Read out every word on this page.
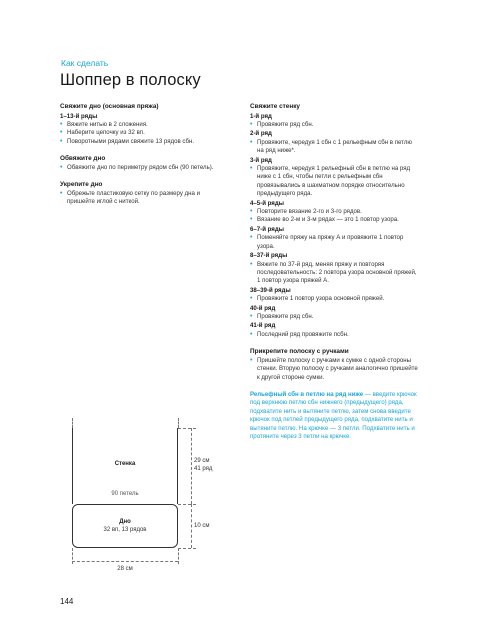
Как сделать
Шоппер в полоску
Свяжите дно (основная пряжа)
1–13-й ряды
• Вяжите нитью в 2 сложения.
• Наберите цепочку из 32 вп.
• Поворотными рядами свяжите 13 рядов сбн.
Обвяжите дно
• Обвяжите дно по периметру рядом сбн (90 петель).
Укрепите дно
• Обрежьте пластиковую сетку по размеру дна и пришейте иглой с ниткой.
Свяжите стенку
1-й ряд
• Провяжите ряд сбн.
2-й ряд
• Провяжите, чередуя 1 сбн с 1 рельефным сбн в петлю на ряд ниже*.
3-й ряд
• Провяжите, чередуя 1 рельефный сбн в петлю на ряд ниже с 1 сбн, чтобы петли с рельефным сбн провязывались в шахматном порядке относительно предыдущего ряда.
4–5-й ряды
• Повторите вязание 2-го и 3-го рядов.
• Вязание во 2-м и 3-м рядах — это 1 повтор узора.
6–7-й ряды
• Поменяйте пряжу на пряжу А и провяжите 1 повтор узора.
8–37-й ряды
• Вяжите по 37-й ряд, меняя пряжу и повторяя последовательность: 2 повтора узора основной пряжей, 1 повтор узора пряжей А.
38–39-й ряды
• Провяжите 1 повтор узора основной пряжей.
40-й ряд
• Провяжите ряд сбн.
41-й ряд
• Последний ряд провяжите псбн.
Прикрепите полоску с ручками
• Пришейте полоску с ручками к сумке с одной стороны стенки. Вторую полоску с ручками аналогично пришейте к другой стороне сумки.
Рельефный сбн в петлю на ряд ниже — введите крючок под верхнюю петлю сбн нижнего (предыдущего) ряда, подхватите нить и вытяните петлю, затем снова введите крючок под петлей предыдущего ряда, подхватите нить и вытяните петлю. На крючке — 3 петли. Подхватите нить и протяните через 3 петли на крючке.
Стенка
90 петель
Дно
32 вп, 13 рядов
29 см
41 ряд
10 см
28 см
144
